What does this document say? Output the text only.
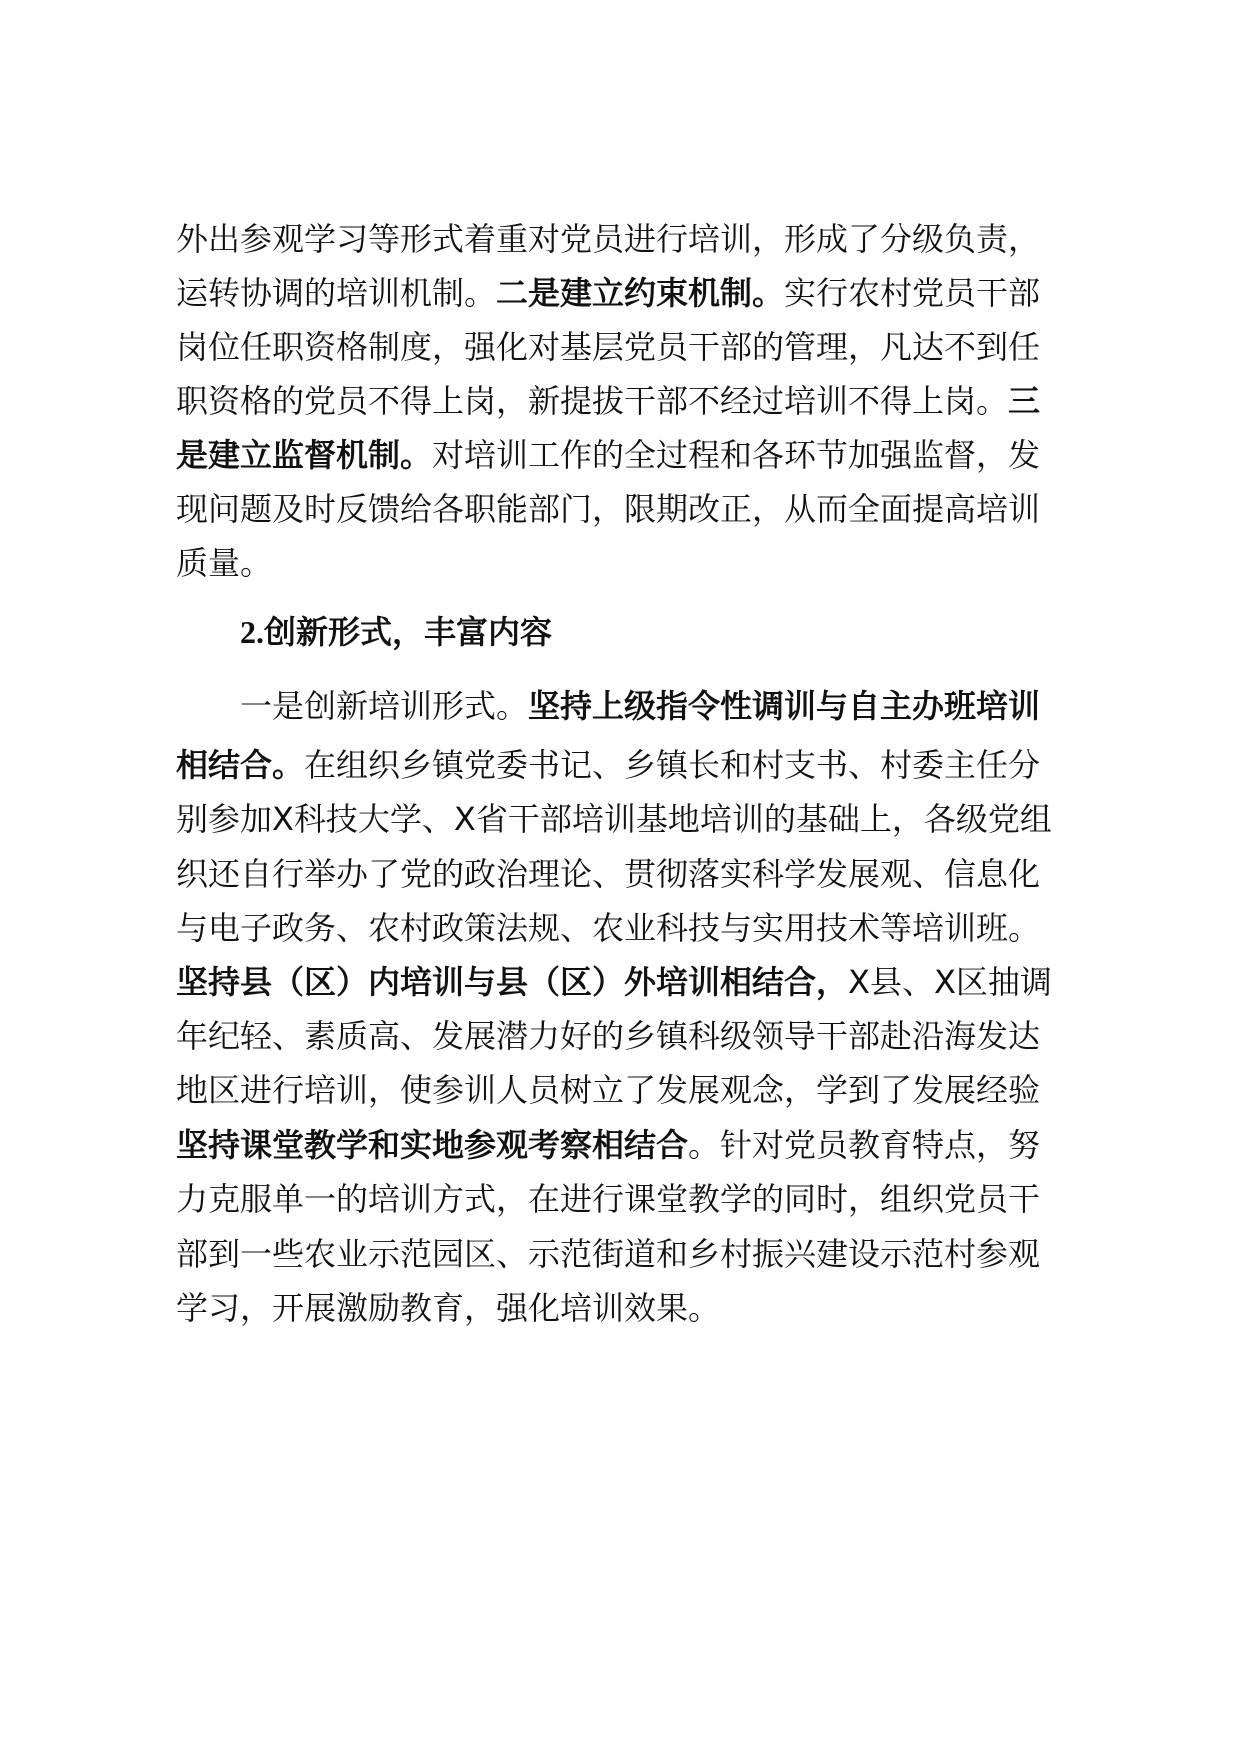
外出参观学习等形式着重对党员进行培训，形成了分级负责，
运转协调的培训机制。二是建立约束机制。实行农村党员干部
岗位任职资格制度，强化对基层党员干部的管理，凡达不到任
职资格的党员不得上岗，新提拔干部不经过培训不得上岗。三
是建立监督机制。对培训工作的全过程和各环节加强监督，发
现问题及时反馈给各职能部门，限期改正，从而全面提高培训
质量。
2.创新形式，丰富内容
一是创新培训形式。坚持上级指令性调训与自主办班培训
相结合。在组织乡镇党委书记、乡镇长和村支书、村委主任分
别参加X科技大学、X省干部培训基地培训的基础上，各级党组
织还自行举办了党的政治理论、贯彻落实科学发展观、信息化
与电子政务、农村政策法规、农业科技与实用技术等培训班。
坚持县（区）内培训与县（区）外培训相结合，X县、X区抽调
年纪轻、素质高、发展潜力好的乡镇科级领导干部赴沿海发达
地区进行培训，使参训人员树立了发展观念，学到了发展经验
坚持课堂教学和实地参观考察相结合。针对党员教育特点，努
力克服单一的培训方式，在进行课堂教学的同时，组织党员干
部到一些农业示范园区、示范街道和乡村振兴建设示范村参观
学习，开展激励教育，强化培训效果。
